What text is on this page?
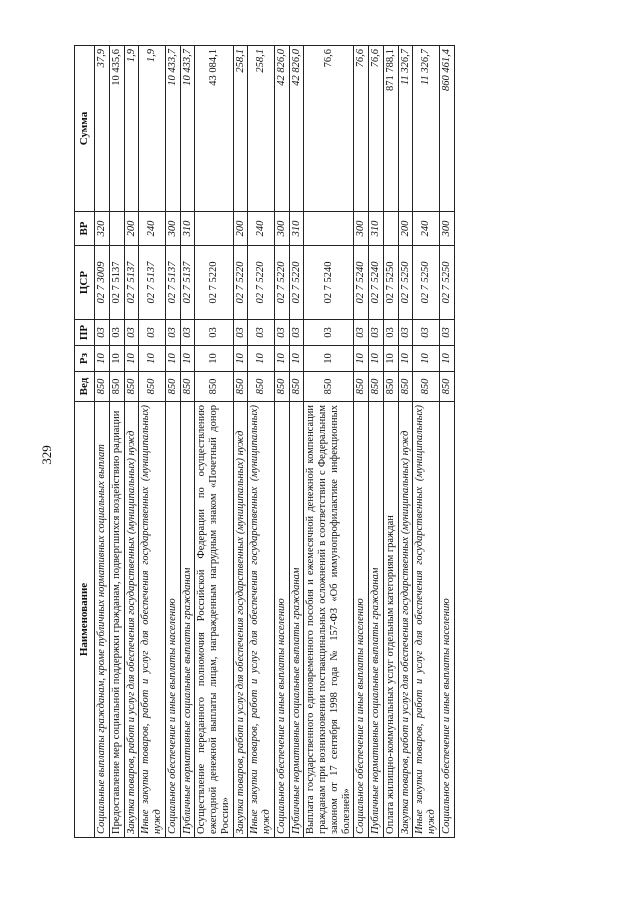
329
Наименование	Вед	Рз	ПР	ЦСР	ВР	Сумма
Социальные выплаты гражданам, кроме публичных нормативных социальных выплат	850	10	03	02 7 3009	320	37,9
Предоставление мер социальной поддержки гражданам, подвергшихся воздействию радиации	850	10	03	02 7 5137		10 435,6
Закупка товаров, работ и услуг для обеспечения государственных (муниципальных) нужд	850	10	03	02 7 5137	200	1,9
Иные закупки товаров, работ и услуг для обеспечения государственных (муниципальных) нужд	850	10	03	02 7 5137	240	1,9
Социальное обеспечение и иные выплаты населению	850	10	03	02 7 5137	300	10 433,7
Публичные нормативные социальные выплаты гражданам	850	10	03	02 7 5137	310	10 433,7
Осуществление переданного полномочия Российской Федерации по осуществлению ежегодной денежной выплаты лицам, награжденным нагрудным знаком «Почетный донор России»	850	10	03	02 7 5220		43 084,1
Закупка товаров, работ и услуг для обеспечения государственных (муниципальных) нужд	850	10	03	02 7 5220	200	258,1
Иные закупки товаров, работ и услуг для обеспечения государственных (муниципальных) нужд	850	10	03	02 7 5220	240	258,1
Социальное обеспечение и иные выплаты населению	850	10	03	02 7 5220	300	42 826,0
Публичные нормативные социальные выплаты гражданам	850	10	03	02 7 5220	310	42 826,0
Выплата государственного единовременного пособия и ежемесячной денежной компенсации гражданам при возникновении поствакцинальных осложнений в соответствии с Федеральным законом от 17 сентября 1998 года № 157-ФЗ «Об иммунопрофилактике инфекционных болезней»	850	10	03	02 7 5240		76,6
Социальное обеспечение и иные выплаты населению	850	10	03	02 7 5240	300	76,6
Публичные нормативные социальные выплаты гражданам	850	10	03	02 7 5240	310	76,6
Оплата жилищно-коммунальных услуг отдельным категориям граждан	850	10	03	02 7 5250		871 788,1
Закупка товаров, работ и услуг для обеспечения государственных (муниципальных) нужд	850	10	03	02 7 5250	200	11 326,7
Иные закупки товаров, работ и услуг для обеспечения государственных (муниципальных) нужд	850	10	03	02 7 5250	240	11 326,7
Социальное обеспечение и иные выплаты населению	850	10	03	02 7 5250	300	860 461,4
